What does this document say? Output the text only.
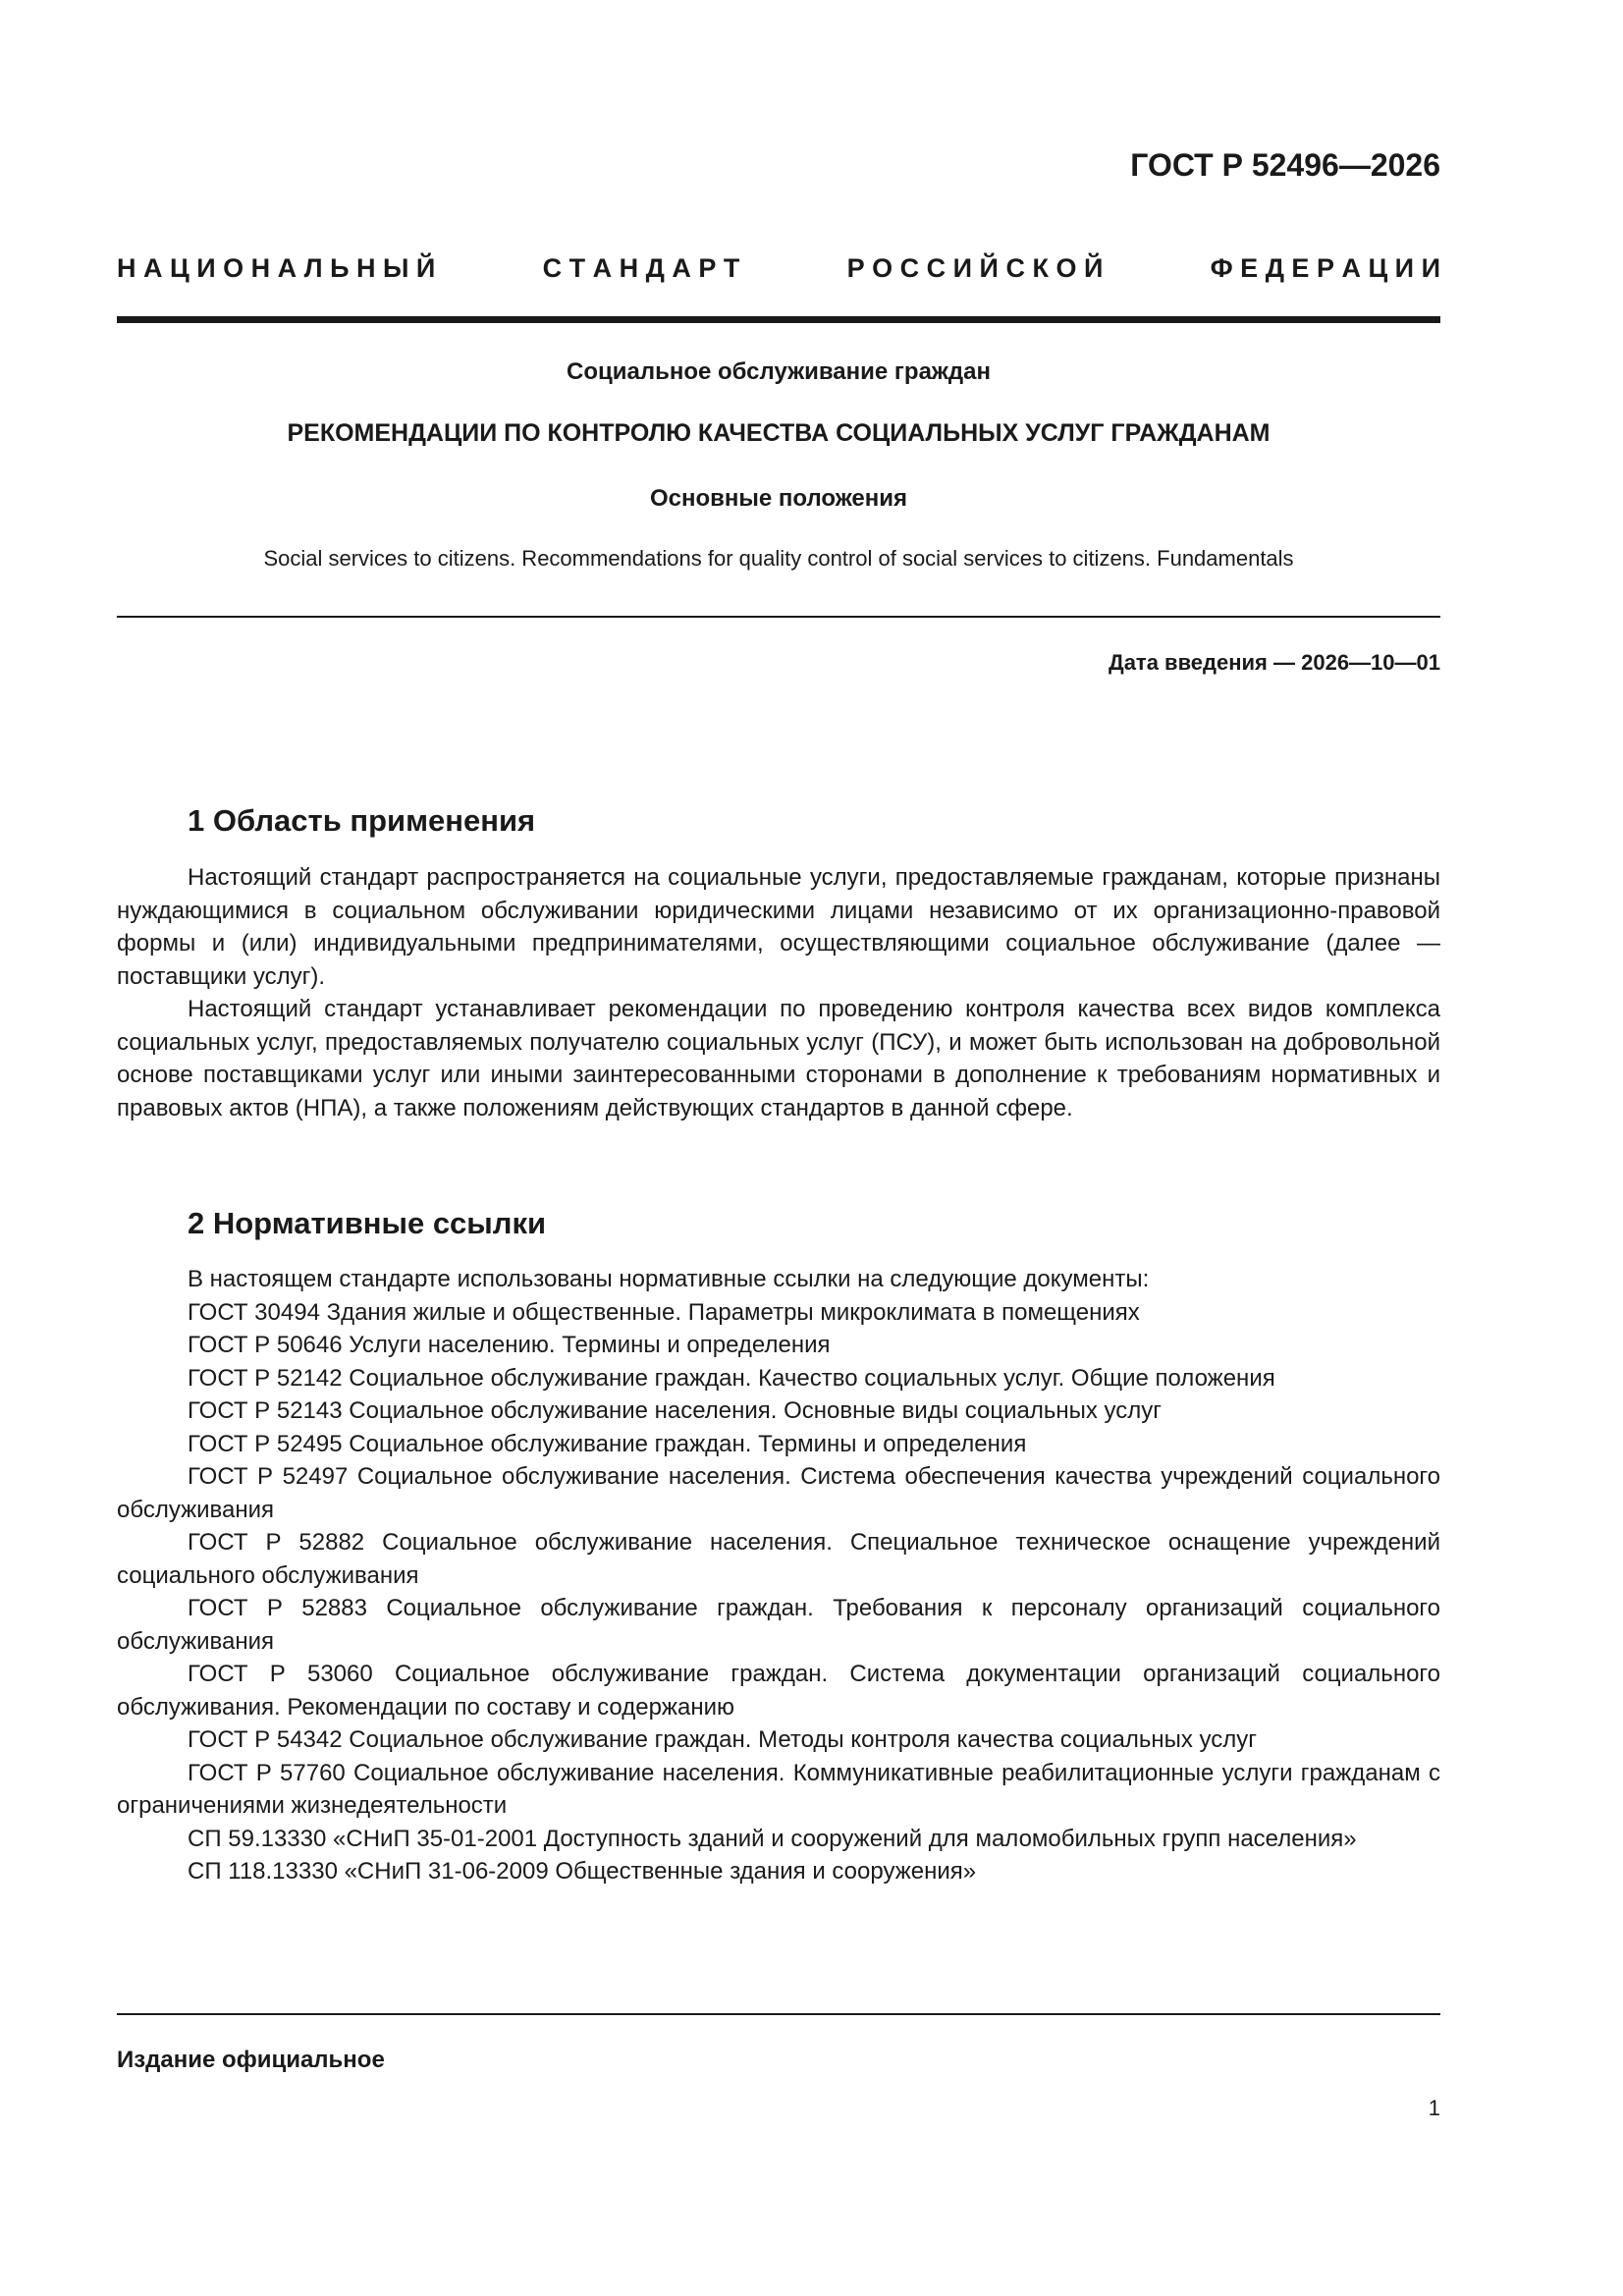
ГОСТ Р 52496—2026
Н А Ц И О Н А Л Ь Н Ы Й	С Т А Н Д А Р Т	Р О С С И Й С К О Й	Ф Е Д Е Р А Ц И И
Социальное обслуживание граждан
РЕКОМЕНДАЦИИ ПО КОНТРОЛЮ КАЧЕСТВА СОЦИАЛЬНЫХ УСЛУГ ГРАЖДАНАМ
Основные положения
Social services to citizens. Recommendations for quality control of social services to citizens. Fundamentals
Дата введения — 2026—10—01
1 Область применения

Настоящий стандарт распространяется на социальные услуги, предоставляемые гражданам, которые признаны нуждающимися в социальном обслуживании юридическими лицами независимо от их организационно-правовой формы и (или) индивидуальными предпринимателями, осуществляющими социальное обслуживание (далее — поставщики услуг).

Настоящий стандарт устанавливает рекомендации по проведению контроля качества всех видов комплекса социальных услуг, предоставляемых получателю социальных услуг (ПСУ), и может быть использован на добровольной основе поставщиками услуг или иными заинтересованными сторонами в дополнение к требованиям нормативных и правовых актов (НПА), а также положениям действующих стандартов в данной сфере.

2 Нормативные ссылки

В настоящем стандарте использованы нормативные ссылки на следующие документы:

ГОСТ 30494 Здания жилые и общественные. Параметры микроклимата в помещениях

ГОСТ Р 50646 Услуги населению. Термины и определения

ГОСТ Р 52142 Социальное обслуживание граждан. Качество социальных услуг. Общие положения

ГОСТ Р 52143 Социальное обслуживание населения. Основные виды социальных услуг

ГОСТ Р 52495 Социальное обслуживание граждан. Термины и определения

ГОСТ Р 52497 Социальное обслуживание населения. Система обеспечения качества учреждений социального обслуживания

ГОСТ Р 52882 Социальное обслуживание населения. Специальное техническое оснащение учреждений социального обслуживания

ГОСТ Р 52883 Социальное обслуживание граждан. Требования к персоналу организаций социального обслуживания

ГОСТ Р 53060 Социальное обслуживание граждан. Система документации организаций социального обслуживания. Рекомендации по составу и содержанию

ГОСТ Р 54342 Социальное обслуживание граждан. Методы контроля качества социальных услуг

ГОСТ Р 57760 Социальное обслуживание населения. Коммуникативные реабилитационные услуги гражданам с ограничениями жизнедеятельности

СП 59.13330 «СНиП 35-01-2001 Доступность зданий и сооружений для маломобильных групп населения»

СП 118.13330 «СНиП 31-06-2009 Общественные здания и сооружения»

Издание официальное
1
